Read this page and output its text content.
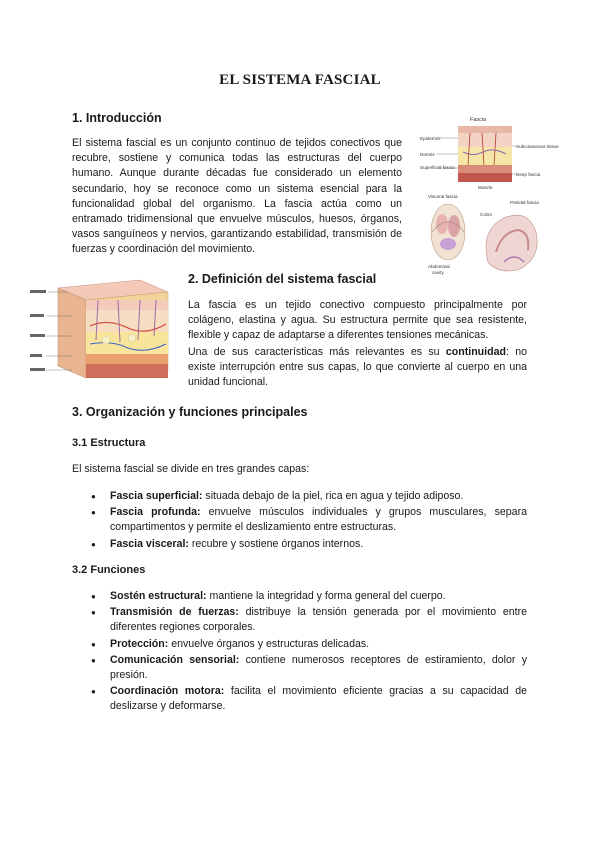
EL SISTEMA FASCIAL
1. Introducción

El sistema fascial es un conjunto continuo de tejidos conectivos que recubre, sostiene y comunica todas las estructuras del cuerpo humano. Aunque durante décadas fue considerado un elemento secundario, hoy se reconoce como un sistema esencial para la funcionalidad global del organismo. La fascia actúa como un entramado tridimensional que envuelve músculos, huesos, órganos, vasos sanguíneos y nervios, garantizando estabilidad, transmisión de fuerzas y coordinación del movimiento.

Fascia
Epidermis
Dermis
Superficial fascia
Subcutaneous tissue
Deep fascia
Muscle
Visceral fascia
Abdominal
cavity
Parietal fascia
Colon
2. Definición del sistema fascial

La fascia es un tejido conectivo compuesto principalmente por colágeno, elastina y agua. Su estructura permite que sea resistente, flexible y capaz de adaptarse a diferentes tensiones mecánicas.

Una de sus características más relevantes es su continuidad: no existe interrupción entre sus capas, lo que convierte al cuerpo en una unidad funcional.

3. Organización y funciones principales
3.1 Estructura

El sistema fascial se divide en tres grandes capas:

● Fascia superficial: situada debajo de la piel, rica en agua y tejido adiposo.
● Fascia profunda: envuelve músculos individuales y grupos musculares, separa compartimentos y permite el deslizamiento entre estructuras.
● Fascia visceral: recubre y sostiene órganos internos.
3.2 Funciones
● Sostén estructural: mantiene la integridad y forma general del cuerpo.
● Transmisión de fuerzas: distribuye la tensión generada por el movimiento entre diferentes regiones corporales.
● Protección: envuelve órganos y estructuras delicadas.
● Comunicación sensorial: contiene numerosos receptores de estiramiento, dolor y presión.
● Coordinación motora: facilita el movimiento eficiente gracias a su capacidad de deslizarse y deformarse.
